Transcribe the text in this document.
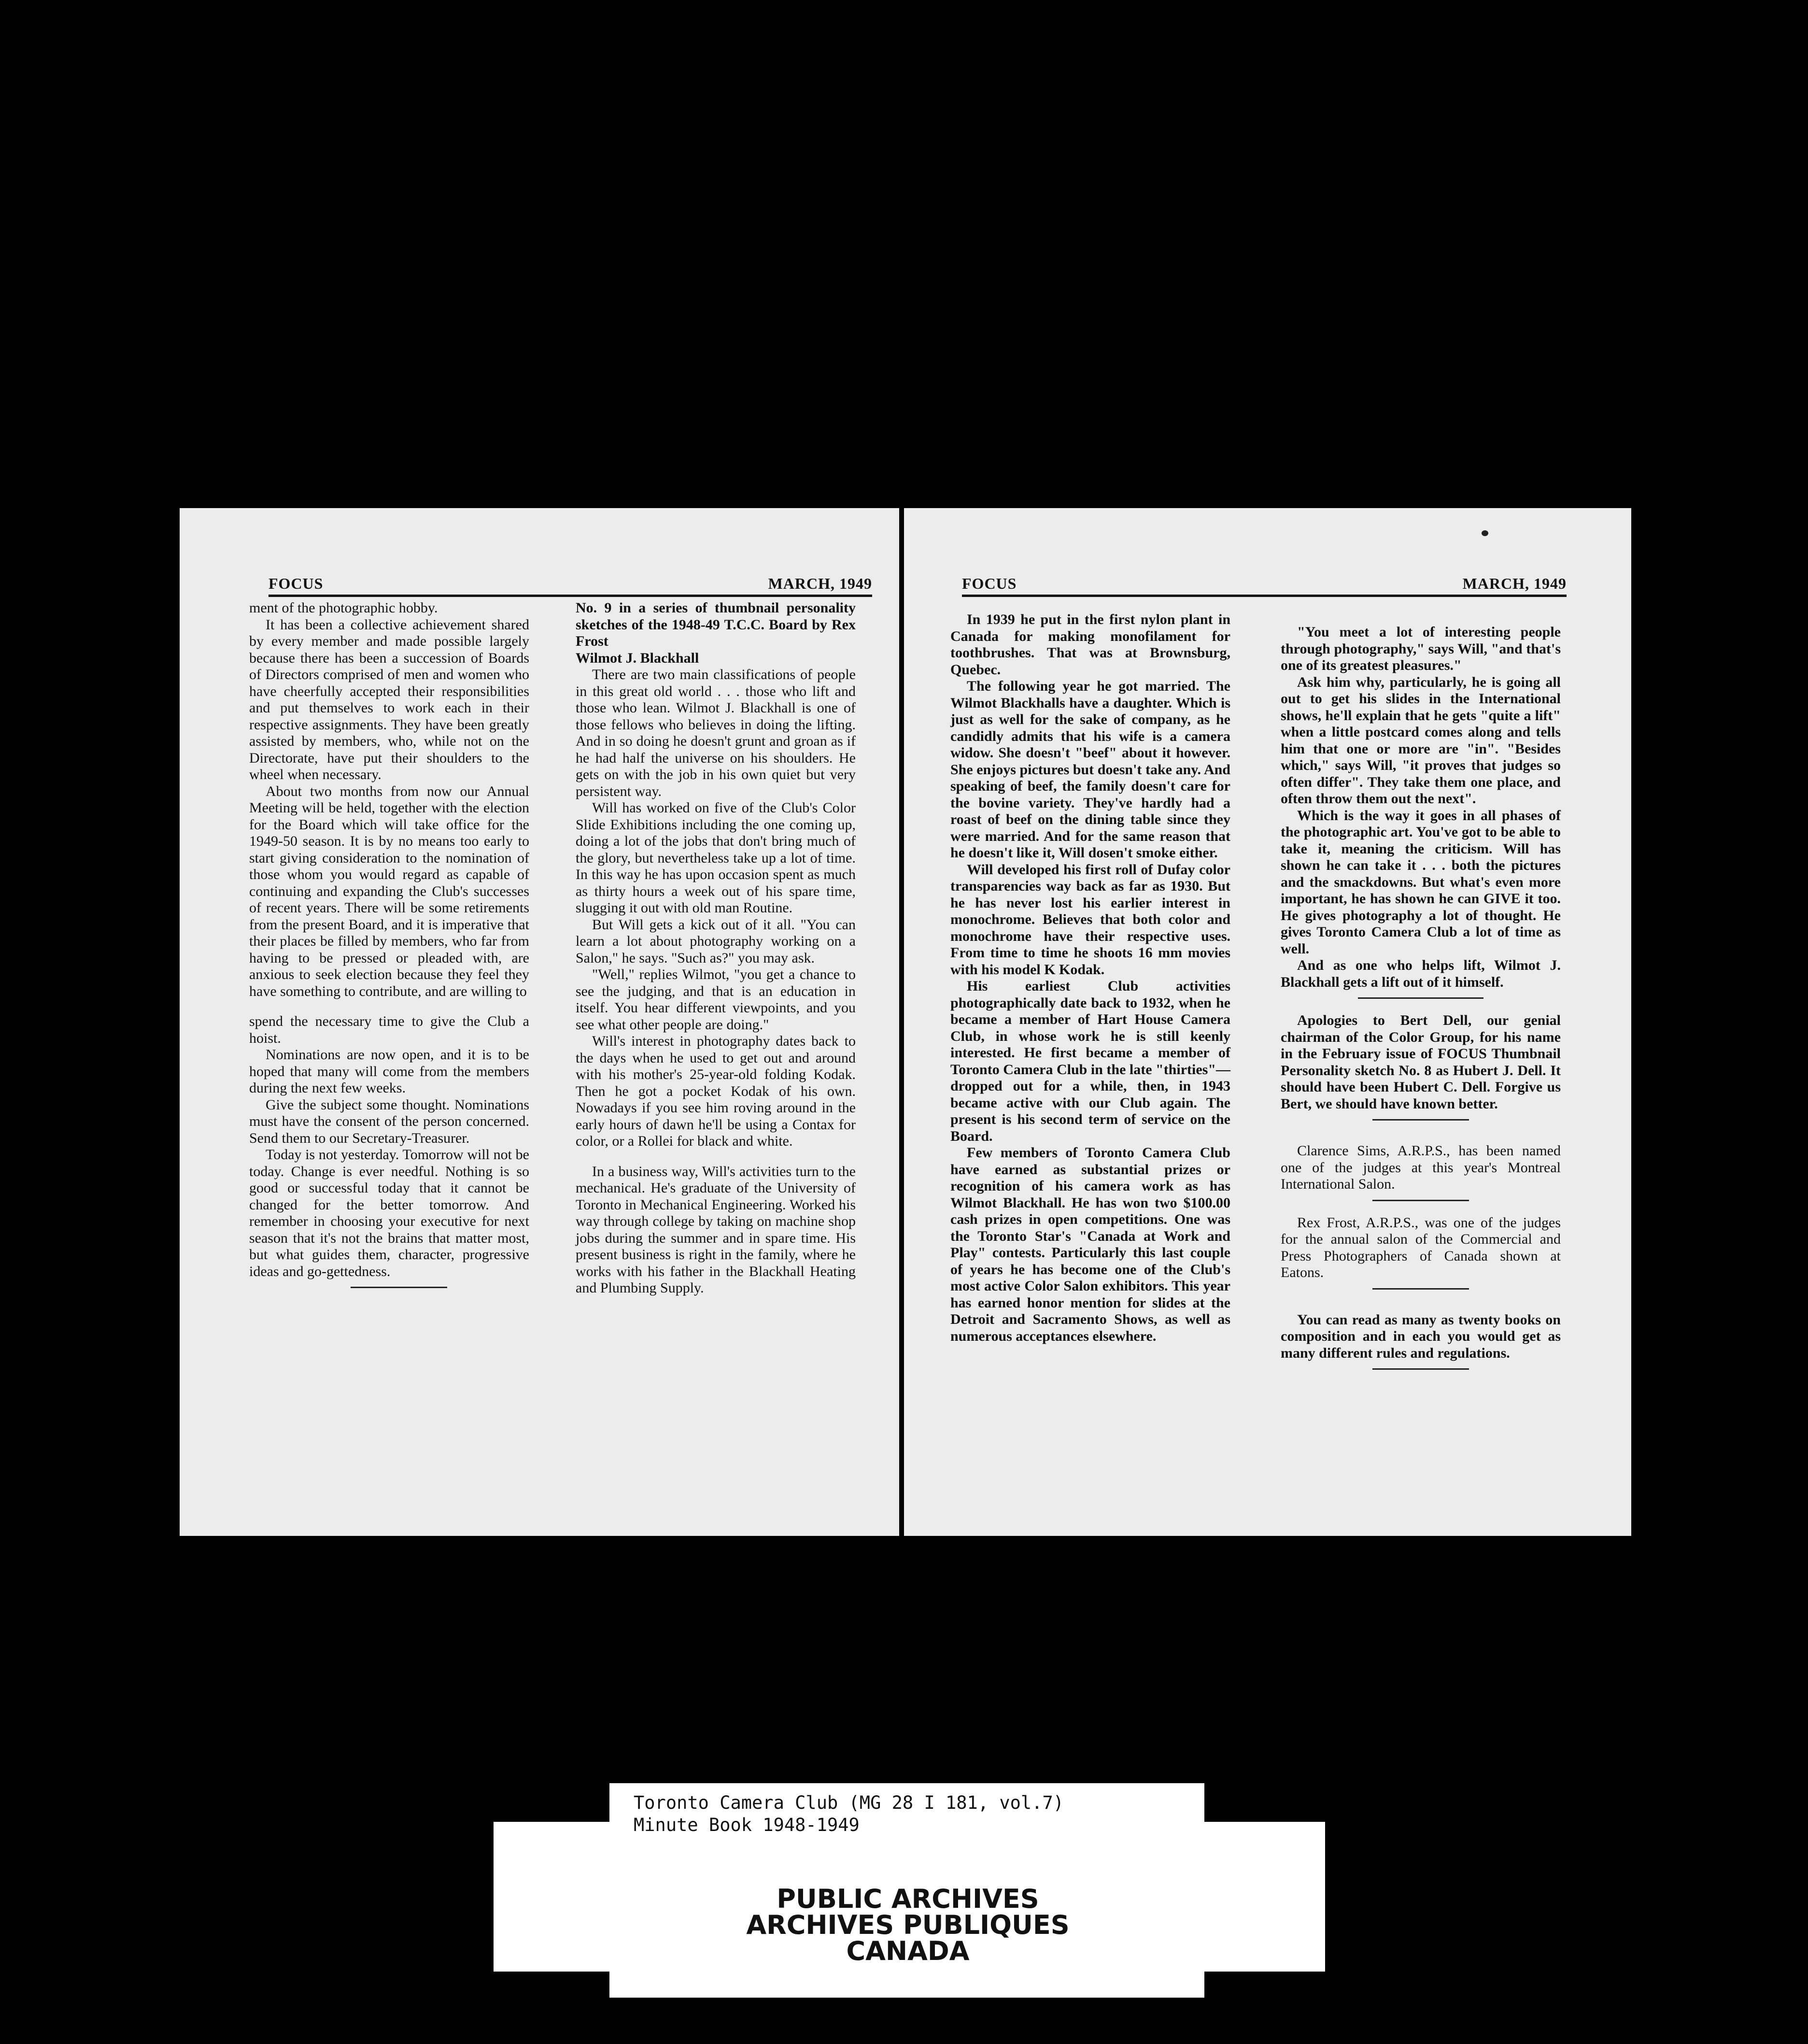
FOCUS	MARCH, 1949

ment of the photographic hobby.

It has been a collective achievement shared by every member and made possible largely because there has been a succession of Boards of Directors comprised of men and women who have cheerfully accepted their responsibilities and put themselves to work each in their respective assignments. They have been greatly assisted by members, who, while not on the Directorate, have put their shoulders to the wheel when necessary.

About two months from now our Annual Meeting will be held, together with the election for the Board which will take office for the 1949-50 season. It is by no means too early to start giving consideration to the nomination of those whom you would regard as capable of continuing and expanding the Club's successes of recent years. There will be some retirements from the present Board, and it is imperative that their places be filled by members, who far from having to be pressed or pleaded with, are anxious to seek election because they feel they have something to contribute, and are willing to

spend the necessary time to give the Club a hoist.

Nominations are now open, and it is to be hoped that many will come from the members during the next few weeks.

Give the subject some thought. Nominations must have the consent of the person concerned. Send them to our Secretary-Treasurer.

Today is not yesterday. Tomorrow will not be today. Change is ever needful. Nothing is so good or successful today that it cannot be changed for the better tomorrow. And remember in choosing your executive for next season that it's not the brains that matter most, but what guides them, character, progressive ideas and go-gettedness.

No. 9 in a series of thumbnail personality sketches of the 1948-49 T.C.C. Board by Rex Frost

Wilmot J. Blackhall

There are two main classifications of people in this great old world . . . those who lift and those who lean. Wilmot J. Blackhall is one of those fellows who believes in doing the lifting. And in so doing he doesn't grunt and groan as if he had half the universe on his shoulders. He gets on with the job in his own quiet but very persistent way.

Will has worked on five of the Club's Color Slide Exhibitions including the one coming up, doing a lot of the jobs that don't bring much of the glory, but nevertheless take up a lot of time. In this way he has upon occasion spent as much as thirty hours a week out of his spare time, slugging it out with old man Routine.

But Will gets a kick out of it all. "You can learn a lot about photography working on a Salon," he says. "Such as?" you may ask.

"Well," replies Wilmot, "you get a chance to see the judging, and that is an education in itself. You hear different viewpoints, and you see what other people are doing."

Will's interest in photography dates back to the days when he used to get out and around with his mother's 25-year-old folding Kodak. Then he got a pocket Kodak of his own. Nowadays if you see him roving around in the early hours of dawn he'll be using a Contax for color, or a Rollei for black and white.

In a business way, Will's activities turn to the mechanical. He's graduate of the University of Toronto in Mechanical Engineering. Worked his way through college by taking on machine shop jobs during the summer and in spare time. His present business is right in the family, where he works with his father in the Blackhall Heating and Plumbing Supply.

FOCUS	MARCH, 1949

In 1939 he put in the first nylon plant in Canada for making monofilament for toothbrushes. That was at Brownsburg, Quebec.

The following year he got married. The Wilmot Blackhalls have a daughter. Which is just as well for the sake of company, as he candidly admits that his wife is a camera widow. She doesn't "beef" about it however. She enjoys pictures but doesn't take any. And speaking of beef, the family doesn't care for the bovine variety. They've hardly had a roast of beef on the dining table since they were married. And for the same reason that he doesn't like it, Will dosen't smoke either.

Will developed his first roll of Dufay color transparencies way back as far as 1930. But he has never lost his earlier interest in monochrome. Believes that both color and monochrome have their respective uses. From time to time he shoots 16 mm movies with his model K Kodak.

His earliest Club activities photographically date back to 1932, when he became a member of Hart House Camera Club, in whose work he is still keenly interested. He first became a member of Toronto Camera Club in the late "thirties"—dropped out for a while, then, in 1943 became active with our Club again. The present is his second term of service on the Board.

Few members of Toronto Camera Club have earned as substantial prizes or recognition of his camera work as has Wilmot Blackhall. He has won two $100.00 cash prizes in open competitions. One was the Toronto Star's "Canada at Work and Play" contests. Particularly this last couple of years he has become one of the Club's most active Color Salon exhibitors. This year has earned honor mention for slides at the Detroit and Sacramento Shows, as well as numerous acceptances elsewhere.

"You meet a lot of interesting people through photography," says Will, "and that's one of its greatest pleasures."

Ask him why, particularly, he is going all out to get his slides in the International shows, he'll explain that he gets "quite a lift" when a little postcard comes along and tells him that one or more are "in". "Besides which," says Will, "it proves that judges so often differ". They take them one place, and often throw them out the next".

Which is the way it goes in all phases of the photographic art. You've got to be able to take it, meaning the criticism. Will has shown he can take it . . . both the pictures and the smackdowns. But what's even more important, he has shown he can GIVE it too. He gives photography a lot of thought. He gives Toronto Camera Club a lot of time as well.

And as one who helps lift, Wilmot J. Blackhall gets a lift out of it himself.

Apologies to Bert Dell, our genial chairman of the Color Group, for his name in the February issue of FOCUS Thumbnail Personality sketch No. 8 as Hubert J. Dell. It should have been Hubert C. Dell. Forgive us Bert, we should have known better.

Clarence Sims, A.R.P.S., has been named one of the judges at this year's Montreal International Salon.

Rex Frost, A.R.P.S., was one of the judges for the annual salon of the Commercial and Press Photographers of Canada shown at Eatons.

You can read as many as twenty books on composition and in each you would get as many different rules and regulations.

Toronto Camera Club (MG 28 I 181, vol.7)
Minute Book 1948-1949
PUBLIC ARCHIVES
ARCHIVES PUBLIQUES
CANADA
